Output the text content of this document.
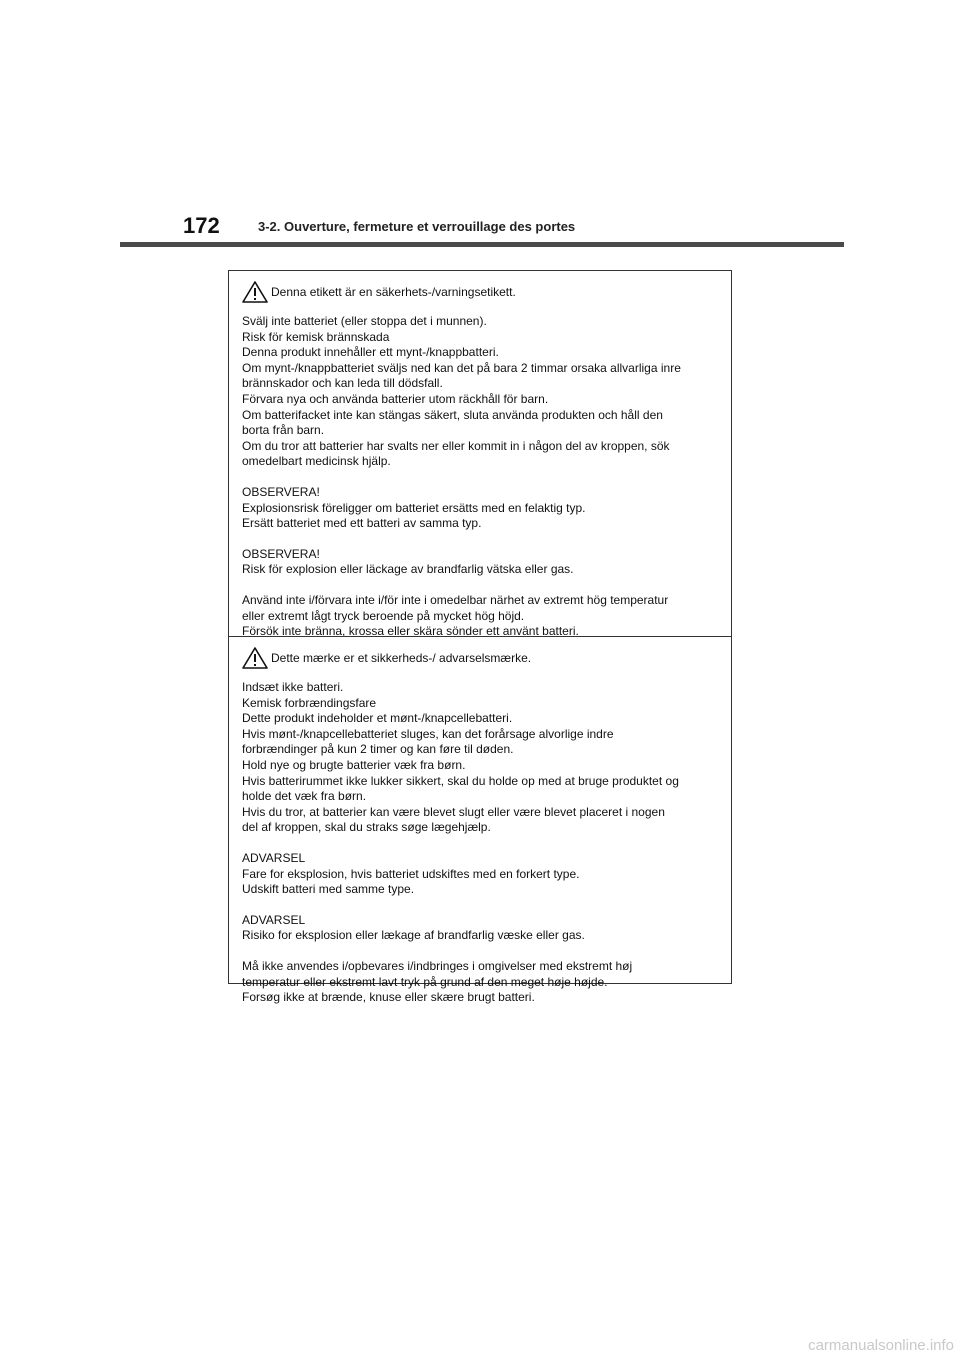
172	3-2. Ouverture, fermeture et verrouillage des portes
Denna etikett är en säkerhets-/varningsetikett.
Svälj inte batteriet (eller stoppa det i munnen).
Risk för kemisk brännskada
Denna produkt innehåller ett mynt-/knappbatteri.
Om mynt-/knappbatteriet sväljs ned kan det på bara 2 timmar orsaka allvarliga inre
brännskador och kan leda till dödsfall.
Förvara nya och använda batterier utom räckhåll för barn.
Om batterifacket inte kan stängas säkert, sluta använda produkten och håll den
borta från barn.
Om du tror att batterier har svalts ner eller kommit in i någon del av kroppen, sök
omedelbart medicinsk hjälp.
OBSERVERA!
Explosionsrisk föreligger om batteriet ersätts med en felaktig typ.
Ersätt batteriet med ett batteri av samma typ.
OBSERVERA!
Risk för explosion eller läckage av brandfarlig vätska eller gas.
Använd inte i/förvara inte i/för inte i omedelbar närhet av extremt hög temperatur
eller extremt lågt tryck beroende på mycket hög höjd.
Försök inte bränna, krossa eller skära sönder ett använt batteri.
Dette mærke er et sikkerheds-/ advarselsmærke.
Indsæt ikke batteri.
Kemisk forbrændingsfare
Dette produkt indeholder et mønt-/knapcellebatteri.
Hvis mønt-/knapcellebatteriet sluges, kan det forårsage alvorlige indre
forbrændinger på kun 2 timer og kan føre til døden.
Hold nye og brugte batterier væk fra børn.
Hvis batterirummet ikke lukker sikkert, skal du holde op med at bruge produktet og
holde det væk fra børn.
Hvis du tror, at batterier kan være blevet slugt eller være blevet placeret i nogen
del af kroppen, skal du straks søge lægehjælp.
ADVARSEL
Fare for eksplosion, hvis batteriet udskiftes med en forkert type.
Udskift batteri med samme type.
ADVARSEL
Risiko for eksplosion eller lækage af brandfarlig væske eller gas.
Må ikke anvendes i/opbevares i/indbringes i omgivelser med ekstremt høj
temperatur eller ekstremt lavt tryk på grund af den meget høje højde.
Forsøg ikke at brænde, knuse eller skære brugt batteri.
carmanualsonline.info
